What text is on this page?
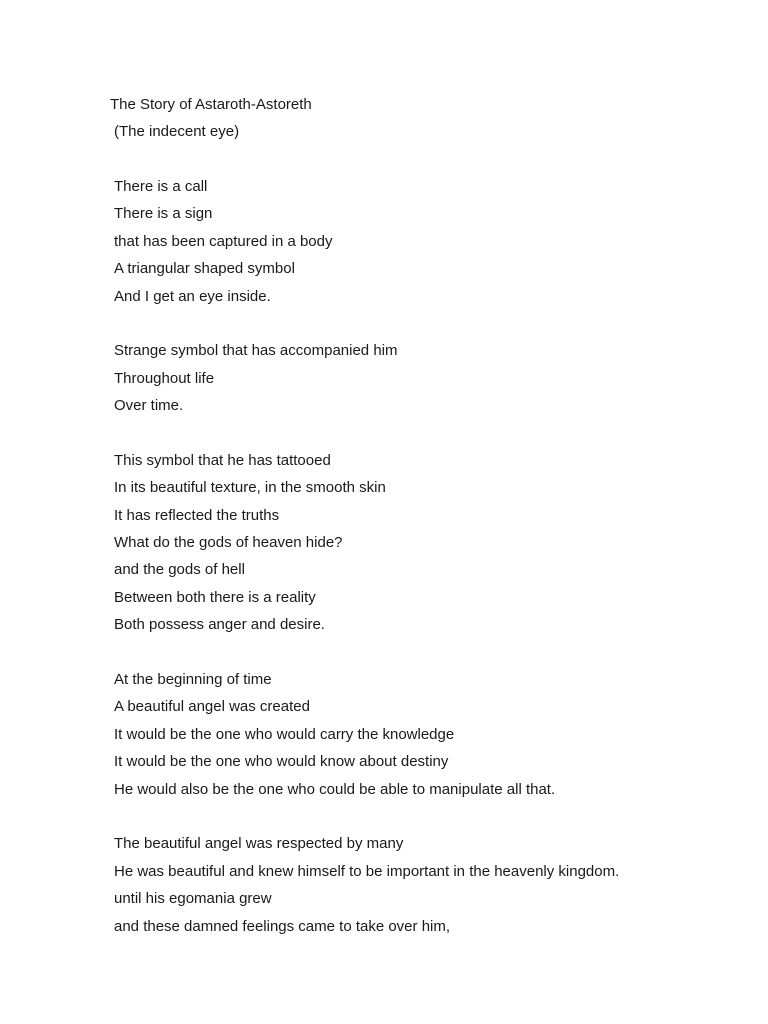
The Story of Astaroth-Astoreth
(The indecent eye)
There is a call
There is a sign
that has been captured in a body
A triangular shaped symbol
And I get an eye inside.
Strange symbol that has accompanied him
Throughout life
Over time.
This symbol that he has tattooed
In its beautiful texture, in the smooth skin
It has reflected the truths
What do the gods of heaven hide?
and the gods of hell
Between both there is a reality
Both possess anger and desire.
At the beginning of time
A beautiful angel was created
It would be the one who would carry the knowledge
It would be the one who would know about destiny
He would also be the one who could be able to manipulate all that.
The beautiful angel was respected by many
He was beautiful and knew himself to be important in the heavenly kingdom.
until his egomania grew
and these damned feelings came to take over him,
